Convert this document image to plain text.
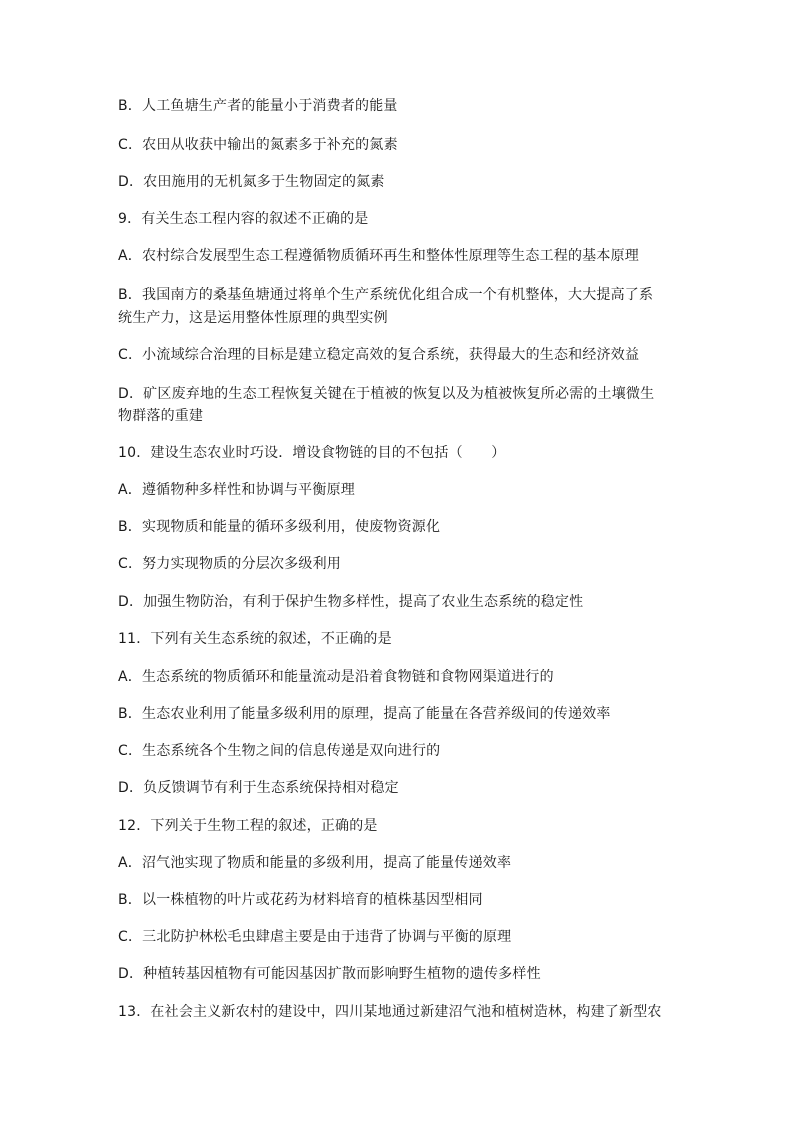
B．人工鱼塘生产者的能量小于消费者的能量
C．农田从收获中输出的氮素多于补充的氮素
D．农田施用的无机氮多于生物固定的氮素
9．有关生态工程内容的叙述不正确的是
A．农村综合发展型生态工程遵循物质循环再生和整体性原理等生态工程的基本原理
B．我国南方的桑基鱼塘通过将单个生产系统优化组合成一个有机整体，大大提高了系
统生产力，这是运用整体性原理的典型实例
C．小流域综合治理的目标是建立稳定高效的复合系统，获得最大的生态和经济效益
D．矿区废弃地的生态工程恢复关键在于植被的恢复以及为植被恢复所必需的土壤微生
物群落的重建
10．建设生态农业时巧设．增设食物链的目的不包括（　　）
A．遵循物种多样性和协调与平衡原理
B．实现物质和能量的循环多级利用，使废物资源化
C．努力实现物质的分层次多级利用
D．加强生物防治，有利于保护生物多样性，提高了农业生态系统的稳定性
11．下列有关生态系统的叙述，不正确的是
A．生态系统的物质循环和能量流动是沿着食物链和食物网渠道进行的
B．生态农业利用了能量多级利用的原理，提高了能量在各营养级间的传递效率
C．生态系统各个生物之间的信息传递是双向进行的
D．负反馈调节有利于生态系统保持相对稳定
12．下列关于生物工程的叙述，正确的是
A．沼气池实现了物质和能量的多级利用，提高了能量传递效率
B．以一株植物的叶片或花药为材料培育的植株基因型相同
C．三北防护林松毛虫肆虐主要是由于违背了协调与平衡的原理
D．种植转基因植物有可能因基因扩散而影响野生植物的遗传多样性
13．在社会主义新农村的建设中，四川某地通过新建沼气池和植树造林，构建了新型农
